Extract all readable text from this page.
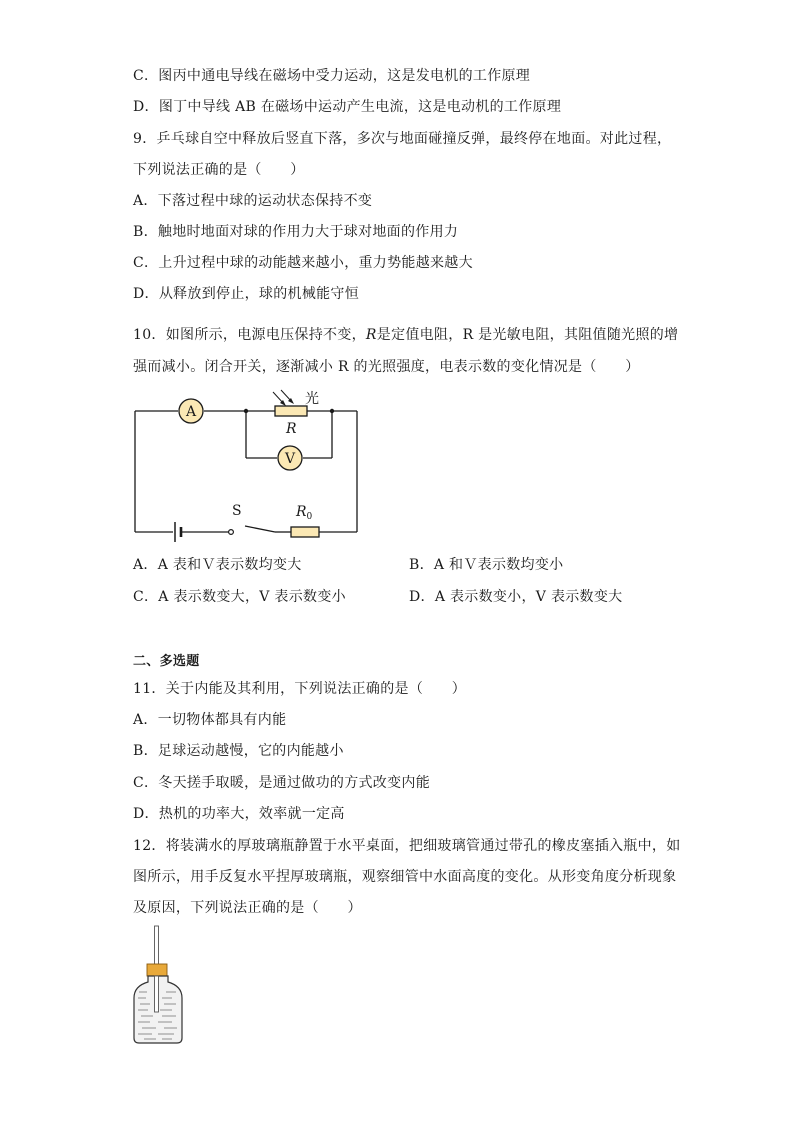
C．图丙中通电导线在磁场中受力运动，这是发电机的工作原理
D．图丁中导线 AB 在磁场中运动产生电流，这是电动机的工作原理
9．乒乓球自空中释放后竖直下落，多次与地面碰撞反弹，最终停在地面。对此过程，
下列说法正确的是（　　）
A．下落过程中球的运动状态保持不变
B．触地时地面对球的作用力大于球对地面的作用力
C．上升过程中球的动能越来越小，重力势能越来越大
D．从释放到停止，球的机械能守恒
10．如图所示，电源电压保持不变，R是定值电阻，R 是光敏电阻，其阻值随光照的增
强而减小。闭合开关，逐渐减小 R 的光照强度，电表示数的变化情况是（　　）
A
光
R
V
S	$R_0$
A．A 表和Ｖ表示数均变大	B．A 和Ｖ表示数均变小
C．A 表示数变大，V 表示数变小	D．A 表示数变小，V 表示数变大
二、多选题
11．关于内能及其利用，下列说法正确的是（　　）
A．一切物体都具有内能
B．足球运动越慢，它的内能越小
C．冬天搓手取暖，是通过做功的方式改变内能
D．热机的功率大，效率就一定高
12．将装满水的厚玻璃瓶静置于水平桌面，把细玻璃管通过带孔的橡皮塞插入瓶中，如
图所示，用手反复水平捏厚玻璃瓶，观察细管中水面高度的变化。从形变角度分析现象
及原因，下列说法正确的是（　　）
